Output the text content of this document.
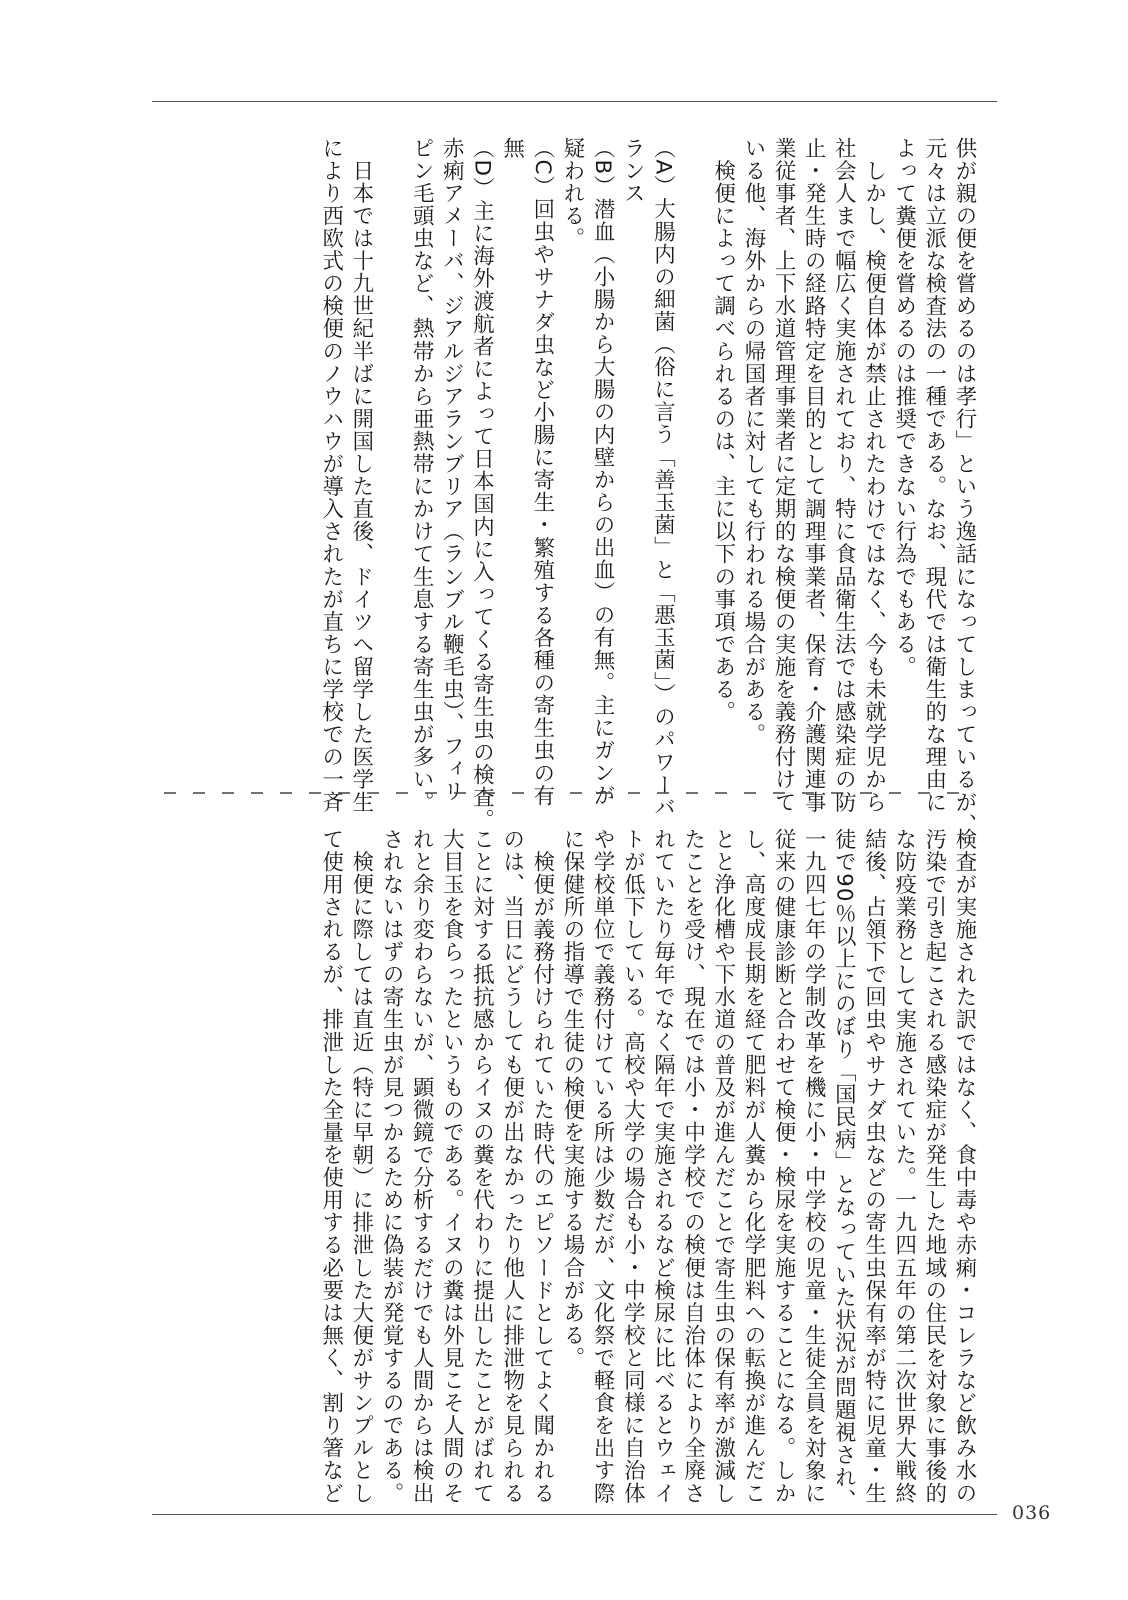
供が親の便を嘗めるのは孝行」という逸話になってしまっているが、
元々は立派な検査法の一種である。なお、現代では衛生的な理由に
よって糞便を嘗めるのは推奨できない行為でもある。
　しかし、検便自体が禁止されたわけではなく、今も未就学児から
社会人まで幅広く実施されており、特に食品衛生法では感染症の防
止・発生時の経路特定を目的として調理事業者、保育・介護関連事
業従事者、上下水道管理事業者に定期的な検便の実施を義務付けて
いる他、海外からの帰国者に対しても行われる場合がある。
　検便によって調べられるのは、主に以下の事項である。

（A）大腸内の細菌（俗に言う「善玉菌」と「悪玉菌」）のパワーバ
ランス
（B）潜血（小腸から大腸の内壁からの出血）の有無。主にガンが
疑われる。
（C）回虫やサナダ虫など小腸に寄生・繁殖する各種の寄生虫の有
無
（D）主に海外渡航者によって日本国内に入ってくる寄生虫の検査。
赤痢アメーバ、ジアルジアランブリア（ランブル鞭毛虫）、フィリ
ピン毛頭虫など、熱帯から亜熱帯にかけて生息する寄生虫が多い。

　日本では十九世紀半ばに開国した直後、ドイツへ留学した医学生
により西欧式の検便のノウハウが導入されたが直ちに学校での一斉
検査が実施された訳ではなく、食中毒や赤痢・コレラなど飲み水の
汚染で引き起こされる感染症が発生した地域の住民を対象に事後的
な防疫業務として実施されていた。一九四五年の第二次世界大戦終
結後、占領下で回虫やサナダ虫などの寄生虫保有率が特に児童・生
徒で90％以上にのぼり「国民病」となっていた状況が問題視され、
一九四七年の学制改革を機に小・中学校の児童・生徒全員を対象に
従来の健康診断と合わせて検便・検尿を実施することになる。しか
し、高度成長期を経て肥料が人糞から化学肥料への転換が進んだこ
とと浄化槽や下水道の普及が進んだことで寄生虫の保有率が激減し
たことを受け、現在では小・中学校での検便は自治体により全廃さ
れていたり毎年でなく隔年で実施されるなど検尿に比べるとウェイ
トが低下している。高校や大学の場合も小・中学校と同様に自治体
や学校単位で義務付けている所は少数だが、文化祭で軽食を出す際
に保健所の指導で生徒の検便を実施する場合がある。
　検便が義務付けられていた時代のエピソードとしてよく聞かれる
のは、当日にどうしても便が出なかったり他人に排泄物を見られる
ことに対する抵抗感からイヌの糞を代わりに提出したことがばれて
大目玉を食らったというものである。イヌの糞は外見こそ人間のそ
れと余り変わらないが、顕微鏡で分析するだけでも人間からは検出
されないはずの寄生虫が見つかるために偽装が発覚するのである。
　検便に際しては直近（特に早朝）に排泄した大便がサンプルとし
て使用されるが、排泄した全量を使用する必要は無く、割り箸など
036
